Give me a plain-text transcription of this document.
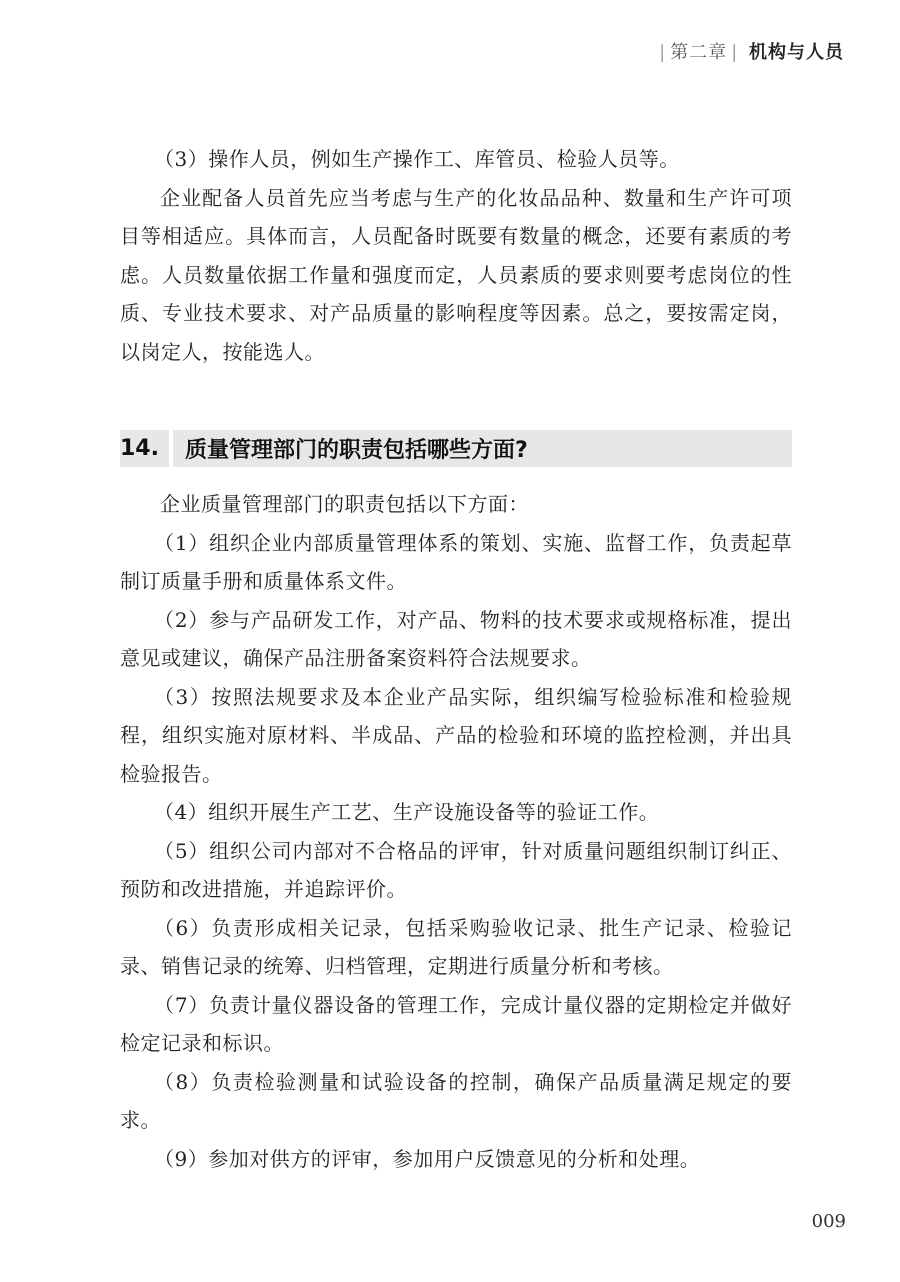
| 第二章 | 机构与人员

（3）操作人员，例如生产操作工、库管员、检验人员等。

企业配备人员首先应当考虑与生产的化妆品品种、数量和生产许可项目等相适应。具体而言，人员配备时既要有数量的概念，还要有素质的考虑。人员数量依据工作量和强度而定，人员素质的要求则要考虑岗位的性质、专业技术要求、对产品质量的影响程度等因素。总之，要按需定岗，以岗定人，按能选人。

14. 质量管理部门的职责包括哪些方面?

企业质量管理部门的职责包括以下方面：

（1）组织企业内部质量管理体系的策划、实施、监督工作，负责起草制订质量手册和质量体系文件。

（2）参与产品研发工作，对产品、物料的技术要求或规格标准，提出意见或建议，确保产品注册备案资料符合法规要求。

（3）按照法规要求及本企业产品实际，组织编写检验标准和检验规程，组织实施对原材料、半成品、产品的检验和环境的监控检测，并出具检验报告。

（4）组织开展生产工艺、生产设施设备等的验证工作。

（5）组织公司内部对不合格品的评审，针对质量问题组织制订纠正、预防和改进措施，并追踪评价。

（6）负责形成相关记录，包括采购验收记录、批生产记录、检验记录、销售记录的统筹、归档管理，定期进行质量分析和考核。

（7）负责计量仪器设备的管理工作，完成计量仪器的定期检定并做好检定记录和标识。

（8）负责检验测量和试验设备的控制，确保产品质量满足规定的要求。

（9）参加对供方的评审，参加用户反馈意见的分析和处理。

009
